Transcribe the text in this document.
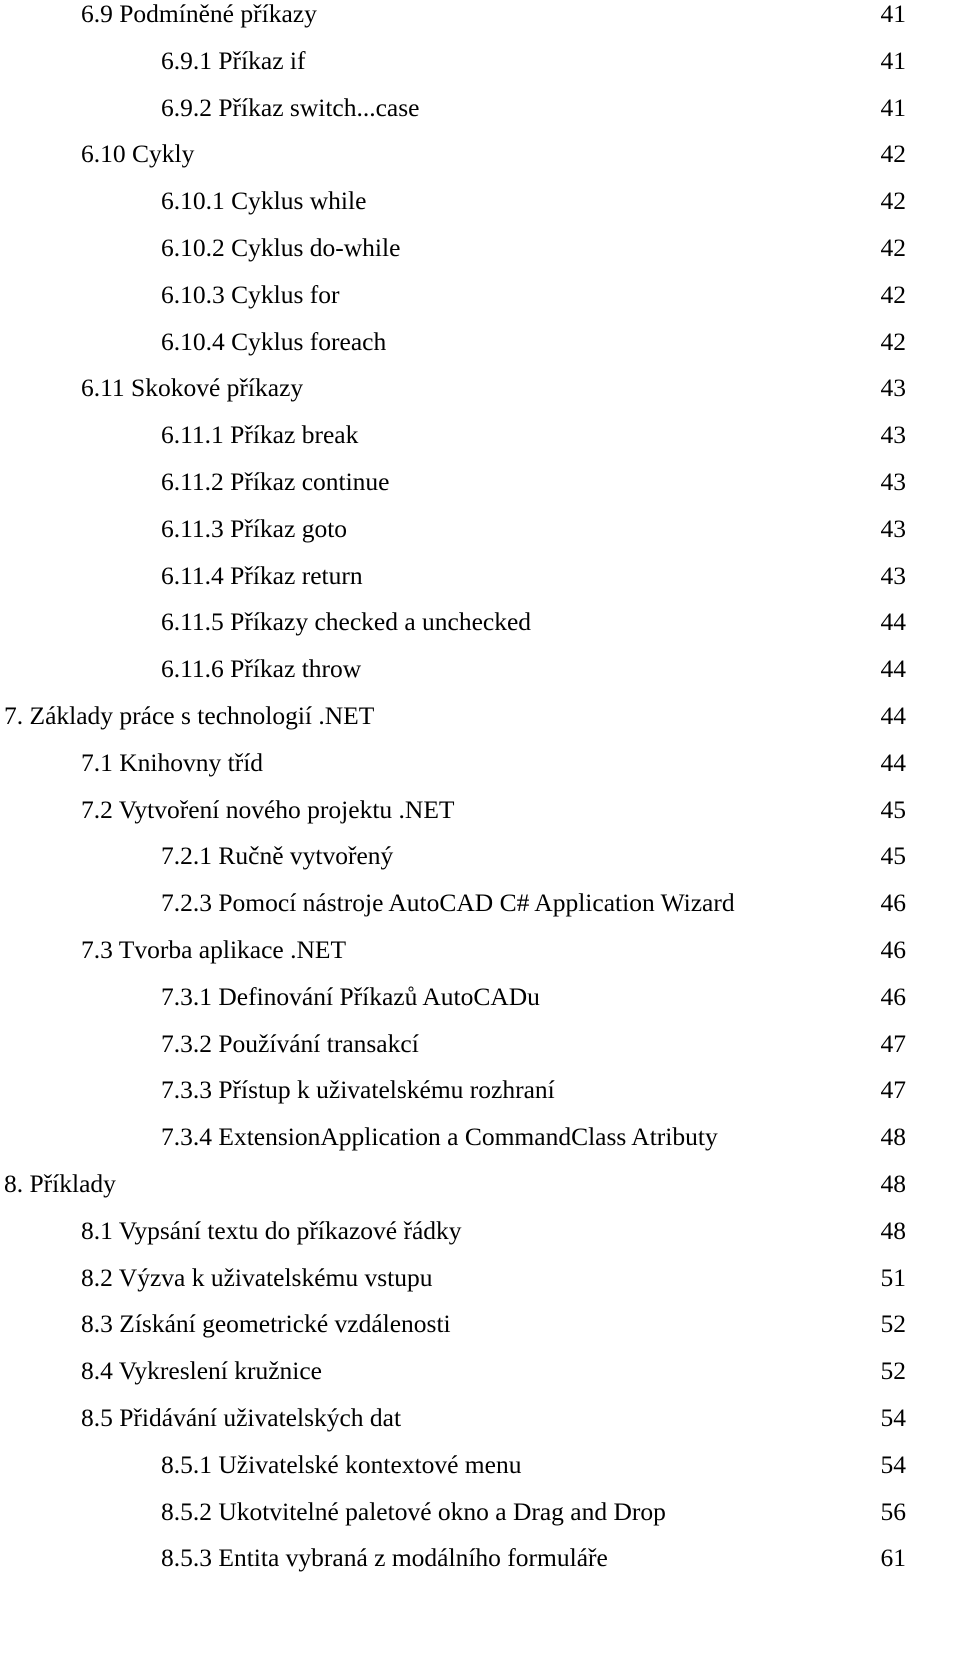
6.9 Podmíněné příkazy	41
6.9.1 Příkaz if	41
6.9.2 Příkaz switch...case	41
6.10 Cykly	42
6.10.1 Cyklus while	42
6.10.2 Cyklus do-while	42
6.10.3 Cyklus for	42
6.10.4 Cyklus foreach	42
6.11 Skokové příkazy	43
6.11.1 Příkaz break	43
6.11.2 Příkaz continue	43
6.11.3 Příkaz goto	43
6.11.4 Příkaz return	43
6.11.5 Příkazy checked a unchecked	44
6.11.6 Příkaz throw	44
7. Základy práce s technologií .NET	44
7.1 Knihovny tříd	44
7.2 Vytvoření nového projektu .NET	45
7.2.1 Ručně vytvořený	45
7.2.3 Pomocí nástroje AutoCAD C# Application Wizard	46
7.3 Tvorba aplikace .NET	46
7.3.1 Definování Příkazů AutoCADu	46
7.3.2 Používání transakcí	47
7.3.3 Přístup k uživatelskému rozhraní	47
7.3.4 ExtensionApplication a CommandClass Atributy	48
8. Příklady	48
8.1 Vypsání textu do příkazové řádky	48
8.2 Výzva k uživatelskému vstupu	51
8.3 Získání geometrické vzdálenosti	52
8.4 Vykreslení kružnice	52
8.5 Přidávání uživatelských dat	54
8.5.1 Uživatelské kontextové menu	54
8.5.2 Ukotvitelné paletové okno a Drag and Drop	56
8.5.3 Entita vybraná z modálního formuláře	61
